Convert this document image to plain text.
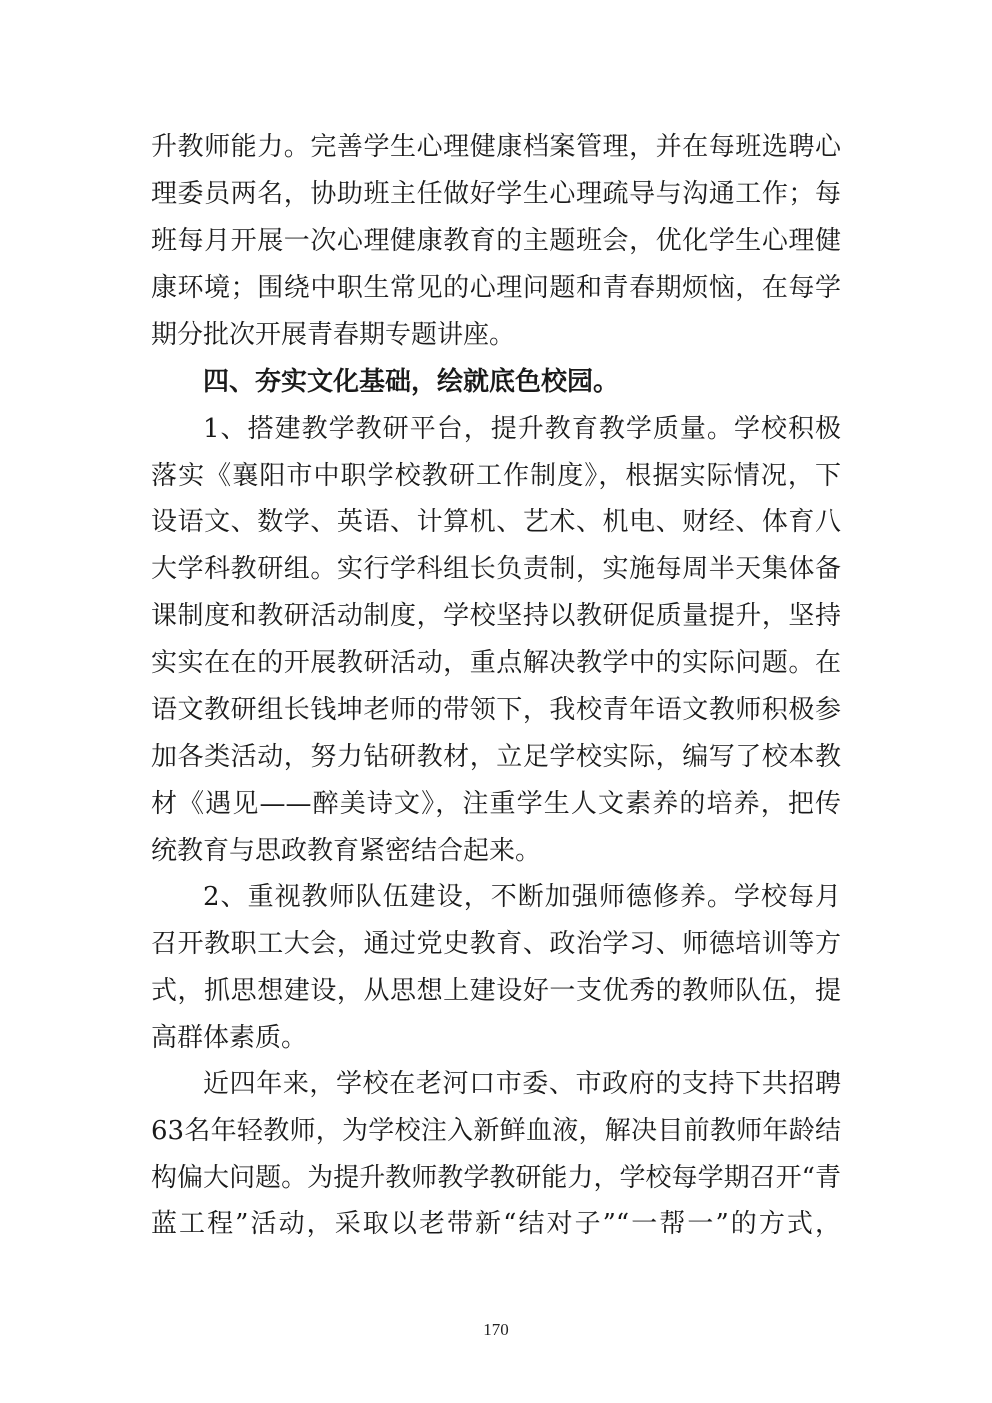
升教师能力。完善学生心理健康档案管理，并在每班选聘心
理委员两名，协助班主任做好学生心理疏导与沟通工作；每
班每月开展一次心理健康教育的主题班会，优化学生心理健
康环境；围绕中职生常见的心理问题和青春期烦恼，在每学
期分批次开展青春期专题讲座。
四、夯实文化基础，绘就底色校园。
1、搭建教学教研平台，提升教育教学质量。学校积极
落实《襄阳市中职学校教研工作制度》，根据实际情况，下
设语文、数学、英语、计算机、艺术、机电、财经、体育八
大学科教研组。实行学科组长负责制，实施每周半天集体备
课制度和教研活动制度，学校坚持以教研促质量提升，坚持
实实在在的开展教研活动，重点解决教学中的实际问题。在
语文教研组长钱坤老师的带领下，我校青年语文教师积极参
加各类活动，努力钻研教材，立足学校实际，编写了校本教
材《遇见——醉美诗文》，注重学生人文素养的培养，把传
统教育与思政教育紧密结合起来。
2、重视教师队伍建设，不断加强师德修养。学校每月
召开教职工大会，通过党史教育、政治学习、师德培训等方
式，抓思想建设，从思想上建设好一支优秀的教师队伍，提
高群体素质。
近四年来，学校在老河口市委、市政府的支持下共招聘
63名年轻教师，为学校注入新鲜血液，解决目前教师年龄结
构偏大问题。为提升教师教学教研能力，学校每学期召开“青
蓝工程”活动，采取以老带新“结对子”“一帮一”的方式，
170
